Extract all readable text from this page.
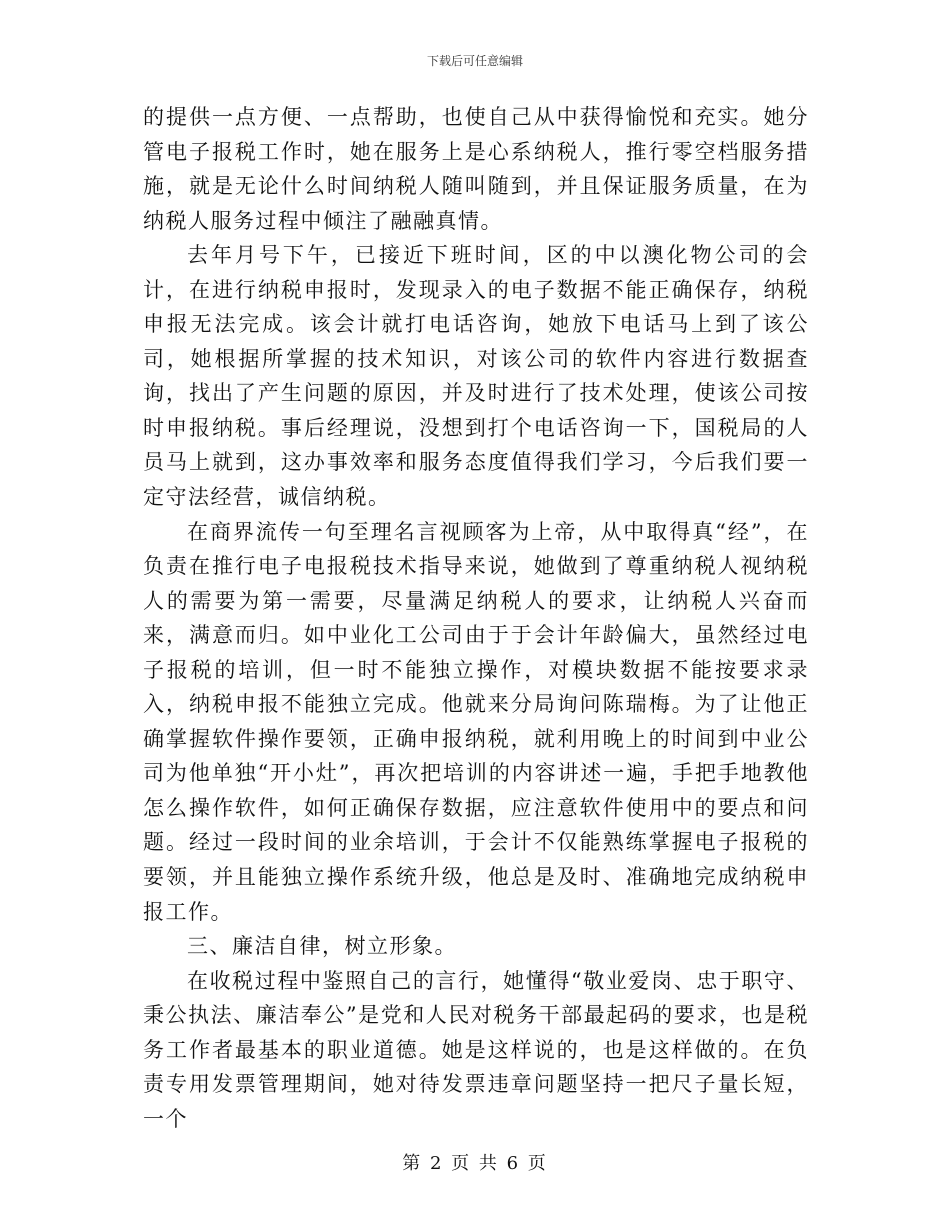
下载后可任意编辑

的提供一点方便、一点帮助，也使自己从中获得愉悦和充实。她分管电子报税工作时，她在服务上是心系纳税人，推行零空档服务措施，就是无论什么时间纳税人随叫随到，并且保证服务质量，在为纳税人服务过程中倾注了融融真情。

去年月号下午，已接近下班时间，区的中以澳化物公司的会计，在进行纳税申报时，发现录入的电子数据不能正确保存，纳税申报无法完成。该会计就打电话咨询，她放下电话马上到了该公司，她根据所掌握的技术知识，对该公司的软件内容进行数据查询，找出了产生问题的原因，并及时进行了技术处理，使该公司按时申报纳税。事后经理说，没想到打个电话咨询一下，国税局的人员马上就到，这办事效率和服务态度值得我们学习，今后我们要一定守法经营，诚信纳税。

在商界流传一句至理名言视顾客为上帝，从中取得真“经”，在负责在推行电子电报税技术指导来说，她做到了尊重纳税人视纳税人的需要为第一需要，尽量满足纳税人的要求，让纳税人兴奋而来，满意而归。如中业化工公司由于于会计年龄偏大，虽然经过电子报税的培训，但一时不能独立操作，对模块数据不能按要求录入，纳税申报不能独立完成。他就来分局询问陈瑞梅。为了让他正确掌握软件操作要领，正确申报纳税，就利用晚上的时间到中业公司为他单独“开小灶”，再次把培训的内容讲述一遍，手把手地教他怎么操作软件，如何正确保存数据，应注意软件使用中的要点和问题。经过一段时间的业余培训，于会计不仅能熟练掌握电子报税的要领，并且能独立操作系统升级，他总是及时、准确地完成纳税申报工作。

三、廉洁自律，树立形象。

在收税过程中鉴照自己的言行，她懂得“敬业爱岗、忠于职守、秉公执法、廉洁奉公”是党和人民对税务干部最起码的要求，也是税务工作者最基本的职业道德。她是这样说的，也是这样做的。在负责专用发票管理期间，她对待发票违章问题坚持一把尺子量长短，一个

第 2 页 共 6 页
